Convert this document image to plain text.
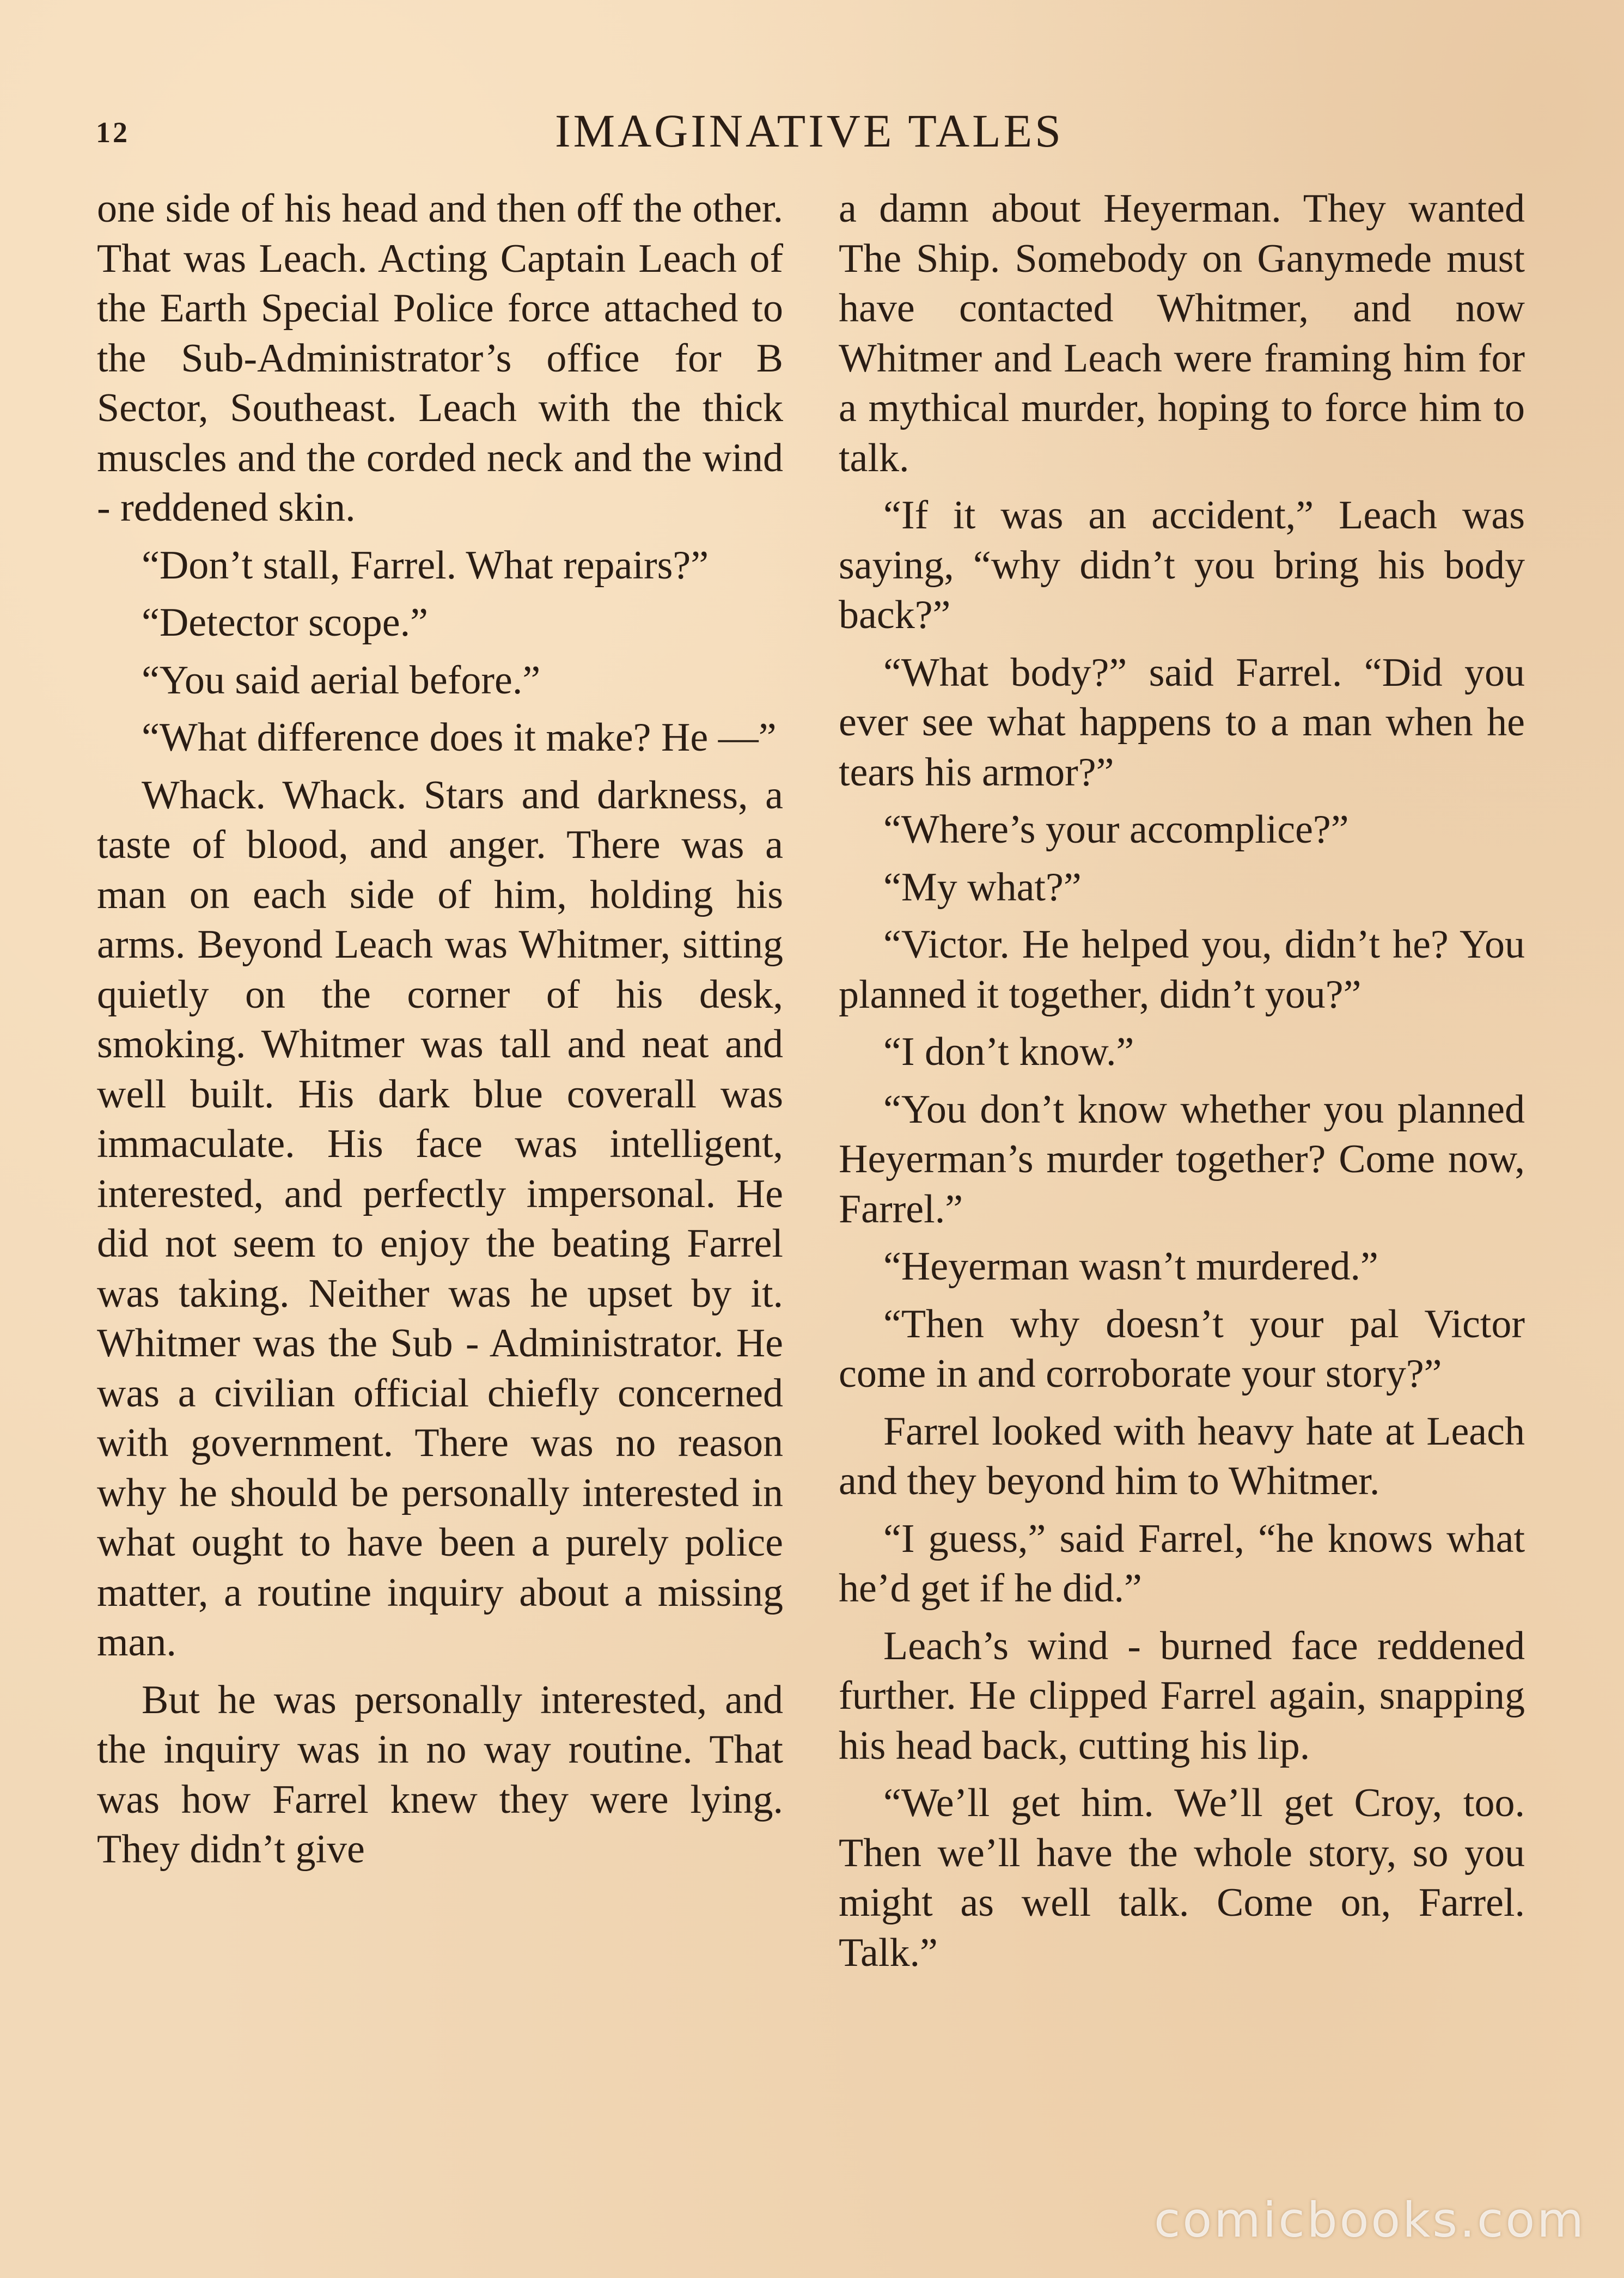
12	IMAGINATIVE TALES

one side of his head and then off the other. That was Leach. Acting Captain Leach of the Earth Special Police force attached to the Sub-Administrator’s office for B Sector, Southeast. Leach with the thick muscles and the corded neck and the wind - reddened skin.

“Don’t stall, Farrel. What repairs?”

“Detector scope.”

“You said aerial before.”

“What difference does it make? He —”

Whack. Whack. Stars and darkness, a taste of blood, and anger. There was a man on each side of him, holding his arms. Beyond Leach was Whitmer, sitting quietly on the corner of his desk, smoking. Whitmer was tall and neat and well built. His dark blue coverall was immaculate. His face was intelligent, interested, and perfectly impersonal. He did not seem to enjoy the beating Farrel was taking. Neither was he upset by it. Whitmer was the Sub - Administrator. He was a civilian official chiefly concerned with government. There was no reason why he should be personally interested in what ought to have been a purely police matter, a routine inquiry about a missing man.

But he was personally interested, and the inquiry was in no way routine. That was how Farrel knew they were lying. They didn’t give

a damn about Heyerman. They wanted The Ship. Somebody on Ganymede must have contacted Whitmer, and now Whitmer and Leach were framing him for a mythical murder, hoping to force him to talk.

“If it was an accident,” Leach was saying, “why didn’t you bring his body back?”

“What body?” said Farrel. “Did you ever see what happens to a man when he tears his armor?”

“Where’s your accomplice?”

“My what?”

“Victor. He helped you, didn’t he? You planned it together, didn’t you?”

“I don’t know.”

“You don’t know whether you planned Heyerman’s murder together? Come now, Farrel.”

“Heyerman wasn’t murdered.”

“Then why doesn’t your pal Victor come in and corroborate your story?”

Farrel looked with heavy hate at Leach and they beyond him to Whitmer.

“I guess,” said Farrel, “he knows what he’d get if he did.”

Leach’s wind - burned face reddened further. He clipped Farrel again, snapping his head back, cutting his lip.

“We’ll get him. We’ll get Croy, too. Then we’ll have the whole story, so you might as well talk. Come on, Farrel. Talk.”

comicbooks.com
